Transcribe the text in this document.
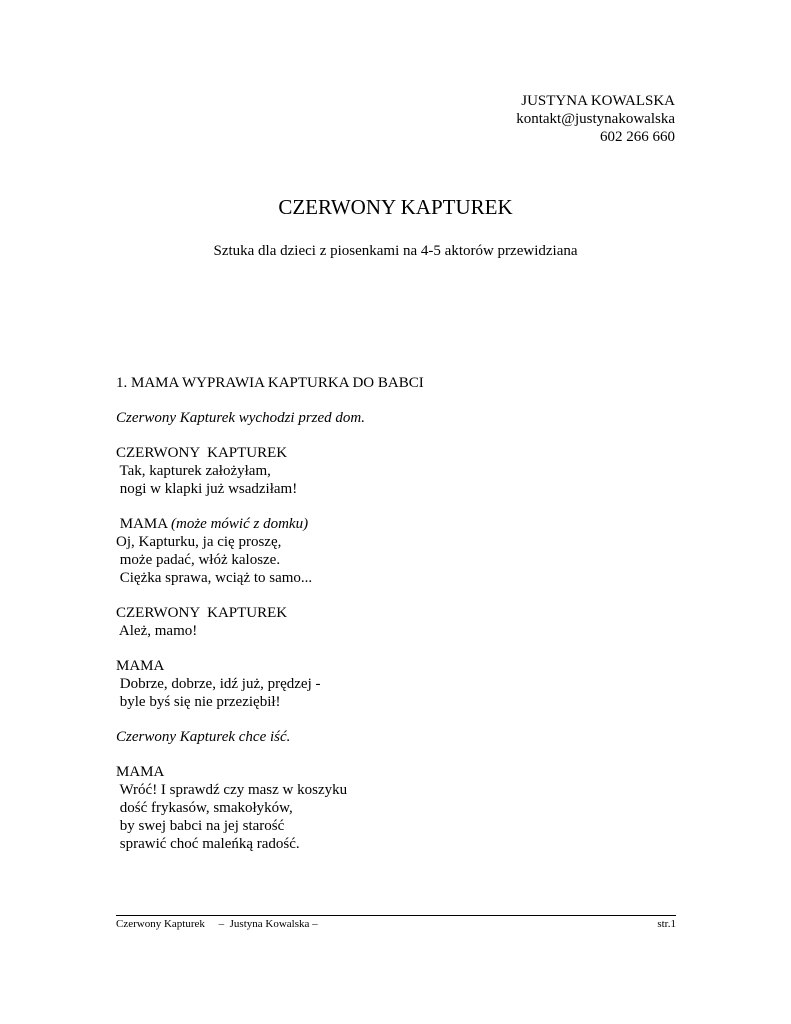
JUSTYNA KOWALSKA
kontakt@justynakowalska
602 266 660
CZERWONY KAPTUREK
Sztuka dla dzieci z piosenkami na 4-5 aktorów przewidziana
1. MAMA WYPRAWIA KAPTURKA DO BABCI
Czerwony Kapturek wychodzi przed dom.
CZERWONY  KAPTUREK
Tak, kapturek założyłam,
nogi w klapki już wsadziłam!
MAMA (może mówić z domku)
Oj, Kapturku, ja cię proszę,
może padać, włóż kalosze.
Ciężka sprawa, wciąż to samo...
CZERWONY  KAPTUREK
Ależ, mamo!
MAMA
Dobrze, dobrze, idź już, prędzej -
byle byś się nie przeziębił!
Czerwony Kapturek chce iść.
MAMA
Wróć! I sprawdź czy masz w koszyku
dość frykasów, smakołyków,
by swej babci na jej starość
sprawić choć maleńką radość.
Czerwony Kapturek     –  Justyna Kowalska –	str.1
